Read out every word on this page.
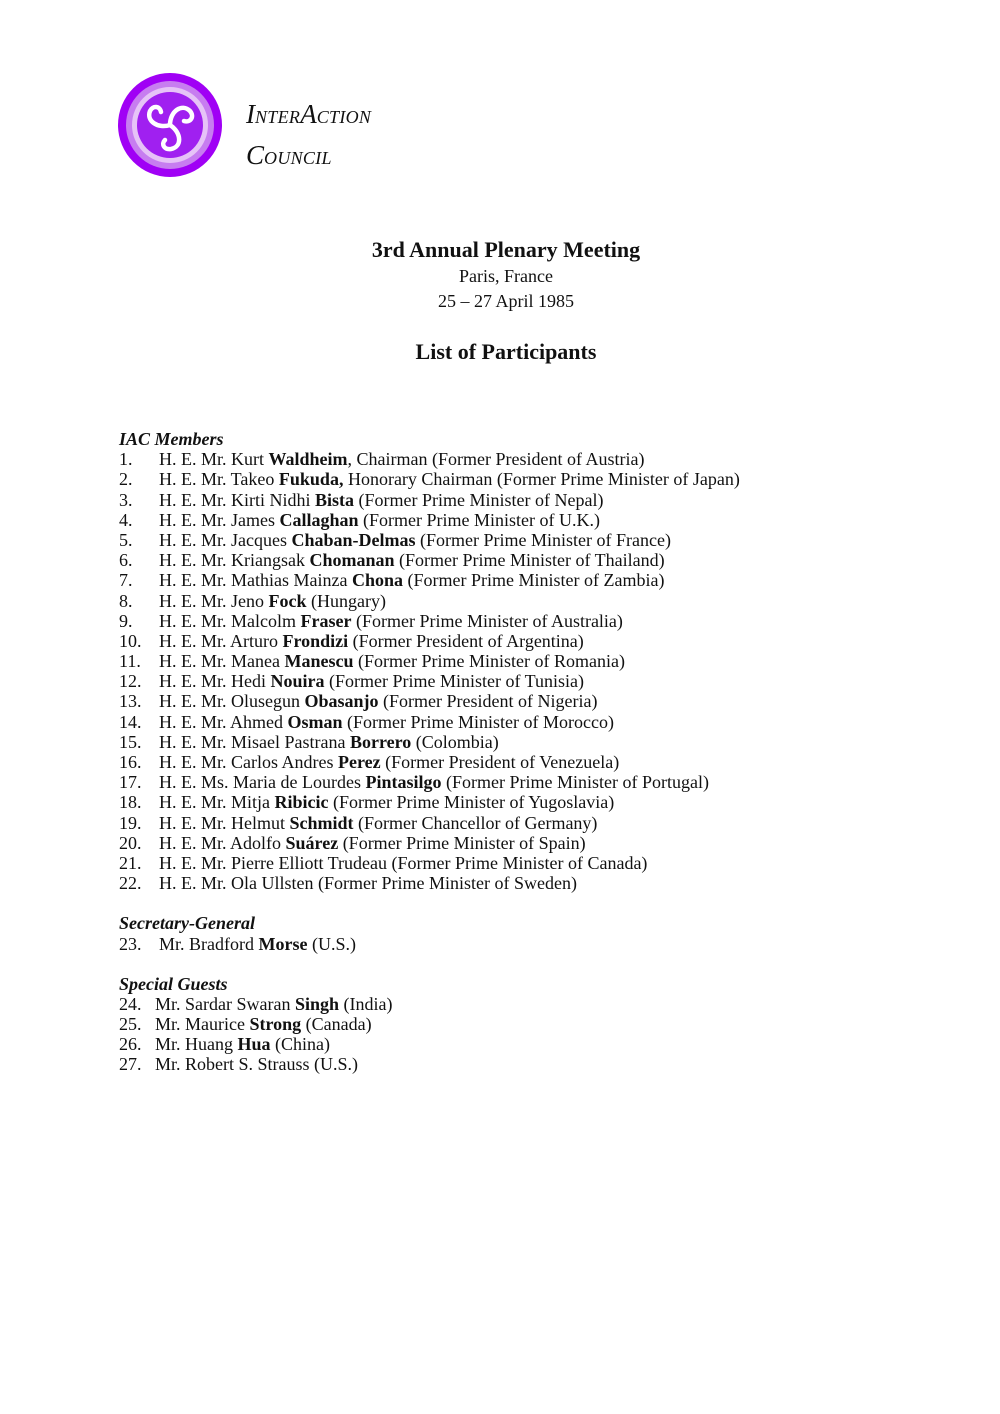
INTERACTION
COUNCIL
3rd Annual Plenary Meeting
Paris, France
25 – 27 April 1985
List of Participants
IAC Members
1. H. E. Mr. Kurt Waldheim, Chairman (Former President of Austria)
2. H. E. Mr. Takeo Fukuda, Honorary Chairman (Former Prime Minister of Japan)
3. H. E. Mr. Kirti Nidhi Bista (Former Prime Minister of Nepal)
4. H. E. Mr. James Callaghan (Former Prime Minister of U.K.)
5. H. E. Mr. Jacques Chaban-Delmas (Former Prime Minister of France)
6. H. E. Mr. Kriangsak Chomanan (Former Prime Minister of Thailand)
7. H. E. Mr. Mathias Mainza Chona (Former Prime Minister of Zambia)
8. H. E. Mr. Jeno Fock (Hungary)
9. H. E. Mr. Malcolm Fraser (Former Prime Minister of Australia)
10. H. E. Mr. Arturo Frondizi (Former President of Argentina)
11. H. E. Mr. Manea Manescu (Former Prime Minister of Romania)
12. H. E. Mr. Hedi Nouira (Former Prime Minister of Tunisia)
13. H. E. Mr. Olusegun Obasanjo (Former President of Nigeria)
14. H. E. Mr. Ahmed Osman (Former Prime Minister of Morocco)
15. H. E. Mr. Misael Pastrana Borrero (Colombia)
16. H. E. Mr. Carlos Andres Perez (Former President of Venezuela)
17. H. E. Ms. Maria de Lourdes Pintasilgo (Former Prime Minister of Portugal)
18. H. E. Mr. Mitja Ribicic (Former Prime Minister of Yugoslavia)
19. H. E. Mr. Helmut Schmidt (Former Chancellor of Germany)
20. H. E. Mr. Adolfo Suárez (Former Prime Minister of Spain)
21. H. E. Mr. Pierre Elliott Trudeau (Former Prime Minister of Canada)
22. H. E. Mr. Ola Ullsten (Former Prime Minister of Sweden)
Secretary-General
23. Mr. Bradford Morse (U.S.)
Special Guests
24. Mr. Sardar Swaran Singh (India)
25. Mr. Maurice Strong (Canada)
26. Mr. Huang Hua (China)
27. Mr. Robert S. Strauss (U.S.)
